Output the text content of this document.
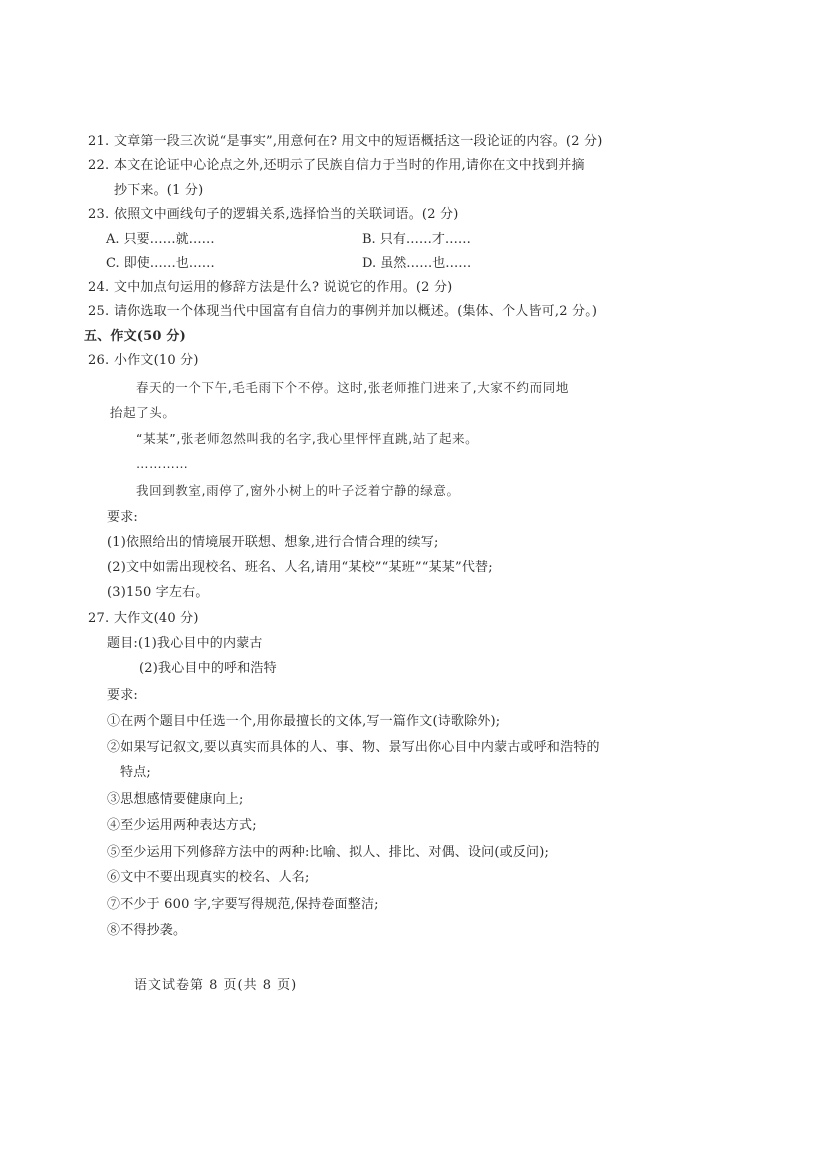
21. 文章第一段三次说“是事实”,用意何在? 用文中的短语概括这一段论证的内容。(2 分)
22. 本文在论证中心论点之外,还明示了民族自信力于当时的作用,请你在文中找到并摘
抄下来。(1 分)
23. 依照文中画线句子的逻辑关系,选择恰当的关联词语。(2 分)
A. 只要……就……	B. 只有……才……
C. 即使……也……	D. 虽然……也……
24. 文中加点句运用的修辞方法是什么? 说说它的作用。(2 分)
25. 请你选取一个体现当代中国富有自信力的事例并加以概述。(集体、个人皆可,2 分。)
五、作文(50 分)
26. 小作文(10 分)
春天的一个下午,毛毛雨下个不停。这时,张老师推门进来了,大家不约而同地
抬起了头。
“某某”,张老师忽然叫我的名字,我心里怦怦直跳,站了起来。
…………
我回到教室,雨停了,窗外小树上的叶子泛着宁静的绿意。
要求:
(1)依照给出的情境展开联想、想象,进行合情合理的续写;
(2)文中如需出现校名、班名、人名,请用“某校”“某班”“某某”代替;
(3)150 字左右。
27. 大作文(40 分)
题目:(1)我心目中的内蒙古
(2)我心目中的呼和浩特
要求:
①在两个题目中任选一个,用你最擅长的文体,写一篇作文(诗歌除外);
②如果写记叙文,要以真实而具体的人、事、物、景写出你心目中内蒙古或呼和浩特的
特点;
③思想感情要健康向上;
④至少运用两种表达方式;
⑤至少运用下列修辞方法中的两种:比喻、拟人、排比、对偶、设问(或反问);
⑥文中不要出现真实的校名、人名;
⑦不少于 600 字,字要写得规范,保持卷面整洁;
⑧不得抄袭。
语文试卷第 8 页(共 8 页)
